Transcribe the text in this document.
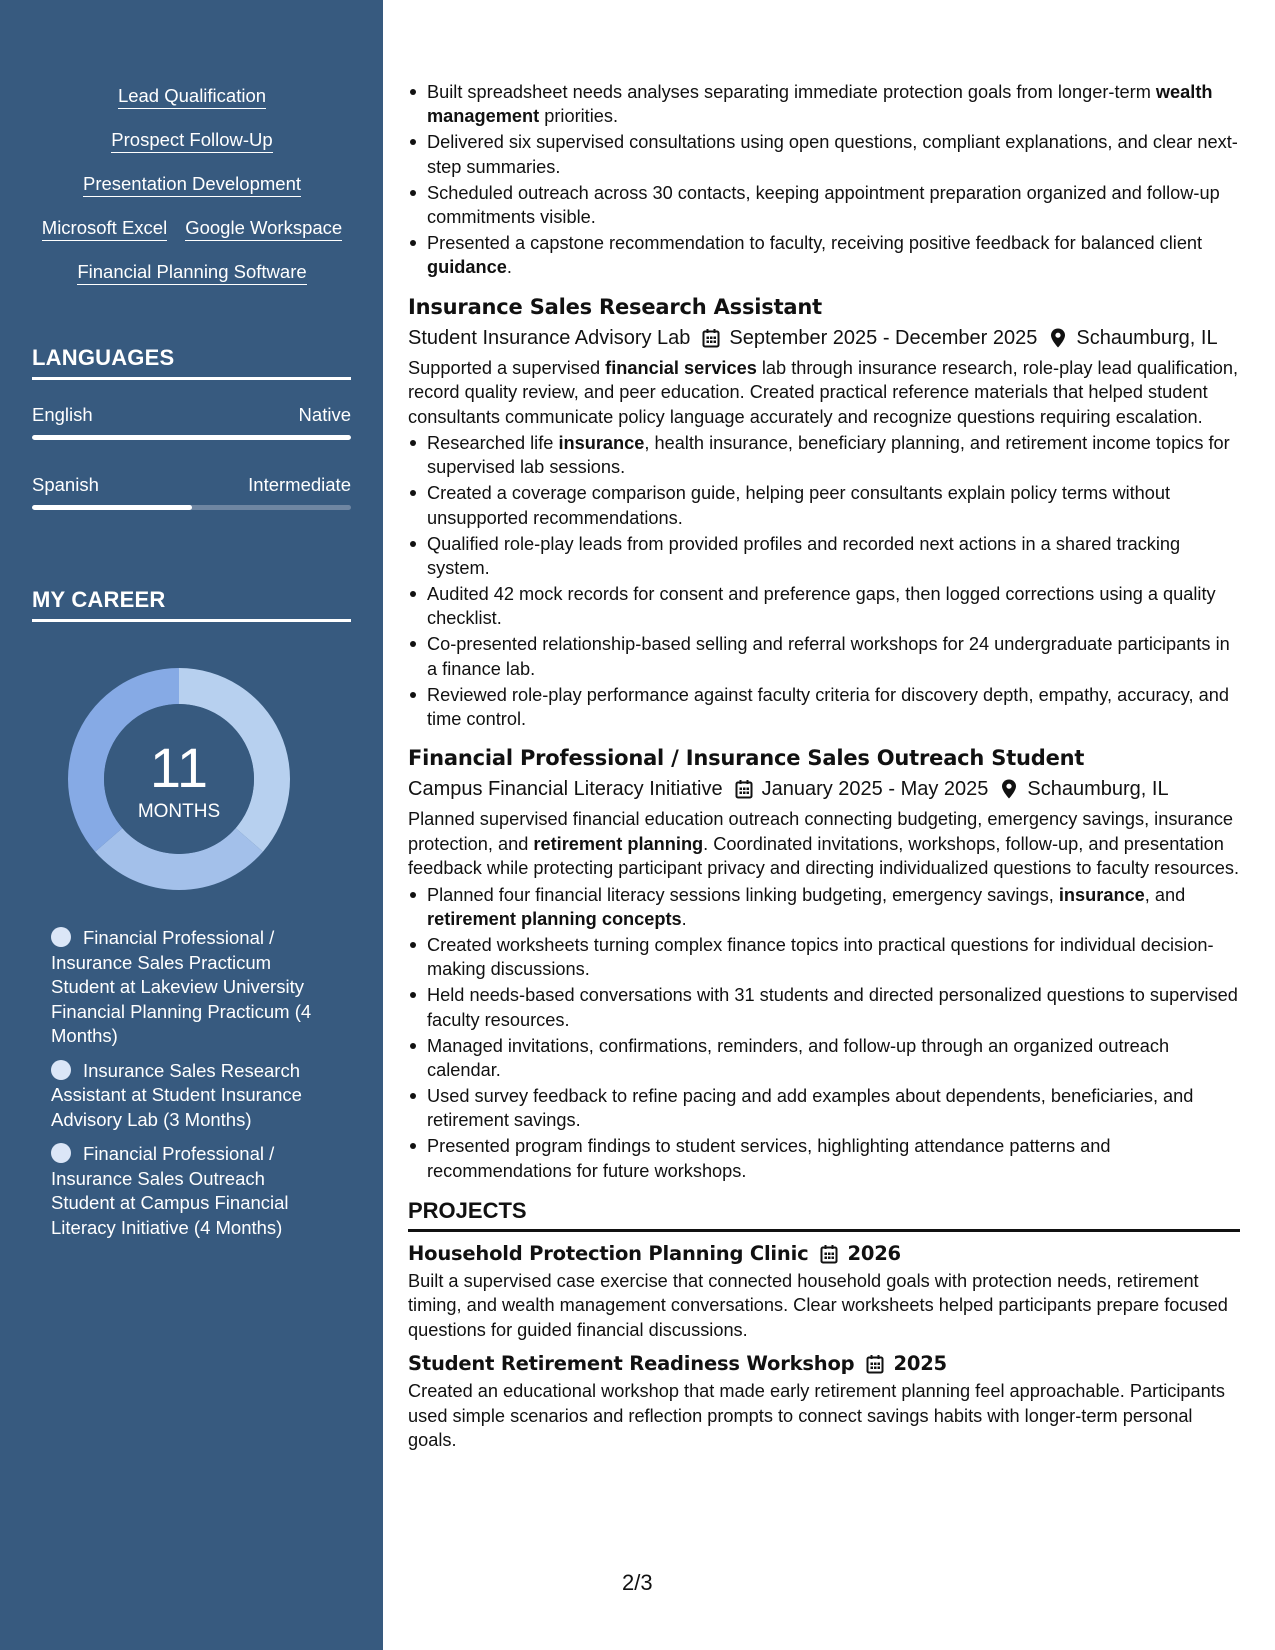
Lead Qualification
Prospect Follow-Up
Presentation Development
Microsoft Excel Google Workspace
Financial Planning Software
LANGUAGES
English	Native
Spanish	Intermediate
MY CAREER
11
MONTHS
Financial Professional / Insurance Sales Practicum Student at Lakeview University Financial Planning Practicum (4 Months)
Insurance Sales Research Assistant at Student Insurance Advisory Lab (3 Months)
Financial Professional / Insurance Sales Outreach Student at Campus Financial Literacy Initiative (4 Months)
Built spreadsheet needs analyses separating immediate protection goals from longer-term wealth management priorities.
Delivered six supervised consultations using open questions, compliant explanations, and clear next-step summaries.
Scheduled outreach across 30 contacts, keeping appointment preparation organized and follow-up commitments visible.
Presented a capstone recommendation to faculty, receiving positive feedback for balanced client guidance.
Insurance Sales Research Assistant
Student Insurance Advisory Lab September 2025 - December 2025 Schaumburg, IL
Supported a supervised financial services lab through insurance research, role-play lead qualification, record quality review, and peer education. Created practical reference materials that helped student consultants communicate policy language accurately and recognize questions requiring escalation.
Researched life insurance, health insurance, beneficiary planning, and retirement income topics for supervised lab sessions.
Created a coverage comparison guide, helping peer consultants explain policy terms without unsupported recommendations.
Qualified role-play leads from provided profiles and recorded next actions in a shared tracking system.
Audited 42 mock records for consent and preference gaps, then logged corrections using a quality checklist.
Co-presented relationship-based selling and referral workshops for 24 undergraduate participants in a finance lab.
Reviewed role-play performance against faculty criteria for discovery depth, empathy, accuracy, and time control.
Financial Professional / Insurance Sales Outreach Student
Campus Financial Literacy Initiative January 2025 - May 2025 Schaumburg, IL
Planned supervised financial education outreach connecting budgeting, emergency savings, insurance protection, and retirement planning. Coordinated invitations, workshops, follow-up, and presentation feedback while protecting participant privacy and directing individualized questions to faculty resources.
Planned four financial literacy sessions linking budgeting, emergency savings, insurance, and retirement planning concepts.
Created worksheets turning complex finance topics into practical questions for individual decision-making discussions.
Held needs-based conversations with 31 students and directed personalized questions to supervised faculty resources.
Managed invitations, confirmations, reminders, and follow-up through an organized outreach calendar.
Used survey feedback to refine pacing and add examples about dependents, beneficiaries, and retirement savings.
Presented program findings to student services, highlighting attendance patterns and recommendations for future workshops.
PROJECTS
Household Protection Planning Clinic 2026
Built a supervised case exercise that connected household goals with protection needs, retirement timing, and wealth management conversations. Clear worksheets helped participants prepare focused questions for guided financial discussions.
Student Retirement Readiness Workshop 2025
Created an educational workshop that made early retirement planning feel approachable. Participants used simple scenarios and reflection prompts to connect savings habits with longer-term personal goals.
2/3
